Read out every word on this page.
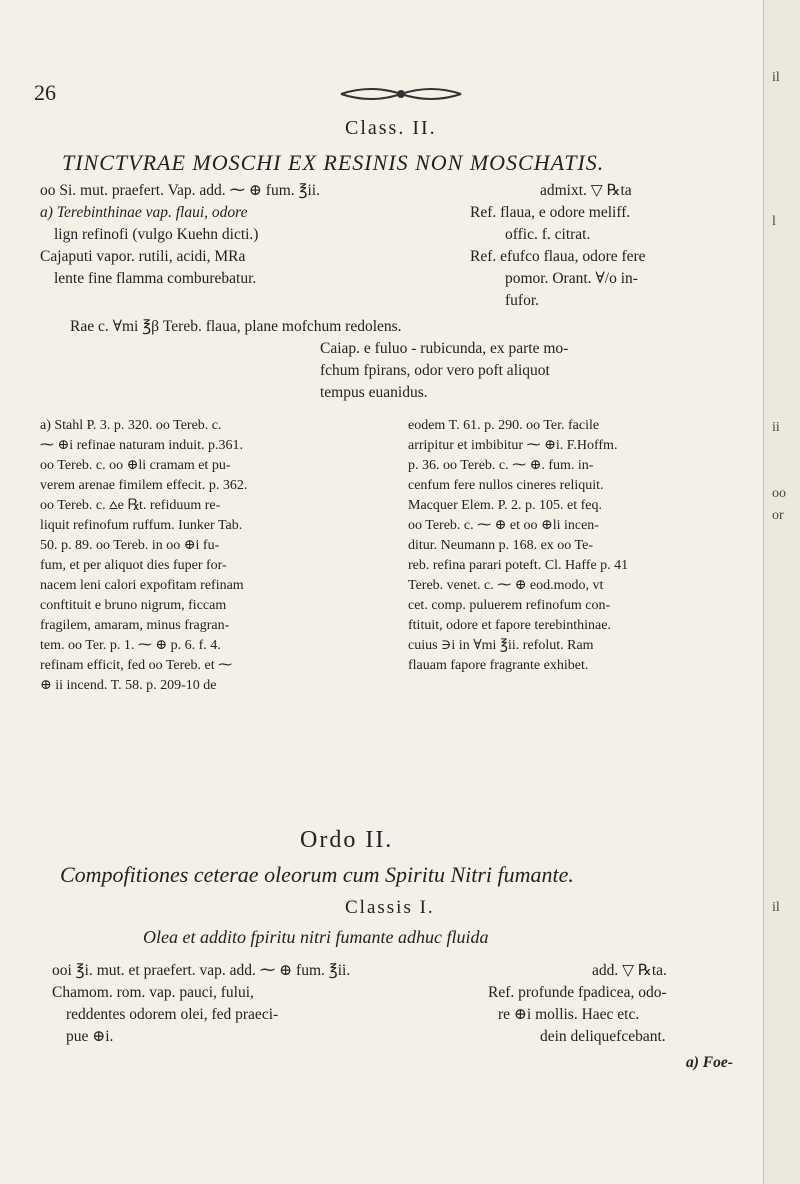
26
Class. II.
TINCTVRAE MOSCHI EX RESINIS NON MOSCHATIS.
oo Si. mut. praefert. Vap. add. ⁓ ⊕ fum. ℥ii.
a) Terebinthinae vap. flaui, odore
lign refinofi (vulgo Kuehn dicti.)
Cajaputi vapor. rutili, acidi, MRa
lente fine flamma comburebatur.
admixt. ▽ ℞ta
Ref. flaua, e odore meliff.
offic. f. citrat.
Ref. efufco flaua, odore fere
pomor. Orant. ∀/o in-
fufor.
Rae c. ∀mi ℥β Tereb. flaua, plane mofchum redolens.
Caiap. e fuluo - rubicunda, ex parte mo-
fchum fpirans, odor vero poft aliquot
tempus euanidus.
a) Stahl P. 3. p. 320. oo Tereb. c.
⁓ ⊕i refinae naturam induit. p.361.
oo Tereb. c. oo ⊕li cramam et pu-
verem arenae fimilem effecit. p. 362.
oo Tereb. c. ⩟e ℞t. refiduum re-
liquit refinofum ruffum. Iunker Tab.
50. p. 89. oo Tereb. in oo ⊕i fu-
fum, et per aliquot dies fuper for-
nacem leni calori expofitam refinam
conftituit e bruno nigrum, ficcam
fragilem, amaram, minus fragran-
tem. oo Ter. p. 1. ⁓ ⊕ p. 6. f. 4.
refinam efficit, fed oo Tereb. et ⁓
⊕ ii incend. T. 58. p. 209-10 de
eodem T. 61. p. 290. oo Ter. facile
arripitur et imbibitur ⁓ ⊕i. F.Hoffm.
p. 36. oo Tereb. c. ⁓ ⊕. fum. in-
cenfum fere nullos cineres reliquit.
Macquer Elem. P. 2. p. 105. et feq.
oo Tereb. c. ⁓ ⊕ et oo ⊕li incen-
ditur. Neumann p. 168. ex oo Te-
reb. refina parari poteft. Cl. Haffe p. 41
Tereb. venet. c. ⁓ ⊕ eod.modo, vt
cet. comp. puluerem refinofum con-
ftituit, odore et fapore terebinthinae.
cuius ∋i in ∀mi ℥ii. refolut. Ram
flauam fapore fragrante exhibet.
Ordo II.
Compofitiones ceterae oleorum cum Spiritu Nitri fumante.
Classis I.
Olea et addito fpiritu nitri fumante adhuc fluida
ooi ℥i. mut. et praefert. vap. add. ⁓ ⊕ fum. ℥ii.
Chamom. rom. vap. pauci, fului,
reddentes odorem olei, fed praeci-
pue ⊕i.
add. ▽ ℞ta.
Ref. profunde fpadicea, odo-
re ⊕i mollis. Haec etc.
dein deliquefcebant.
a) Foe-
il
l
ii
oo
or
il
